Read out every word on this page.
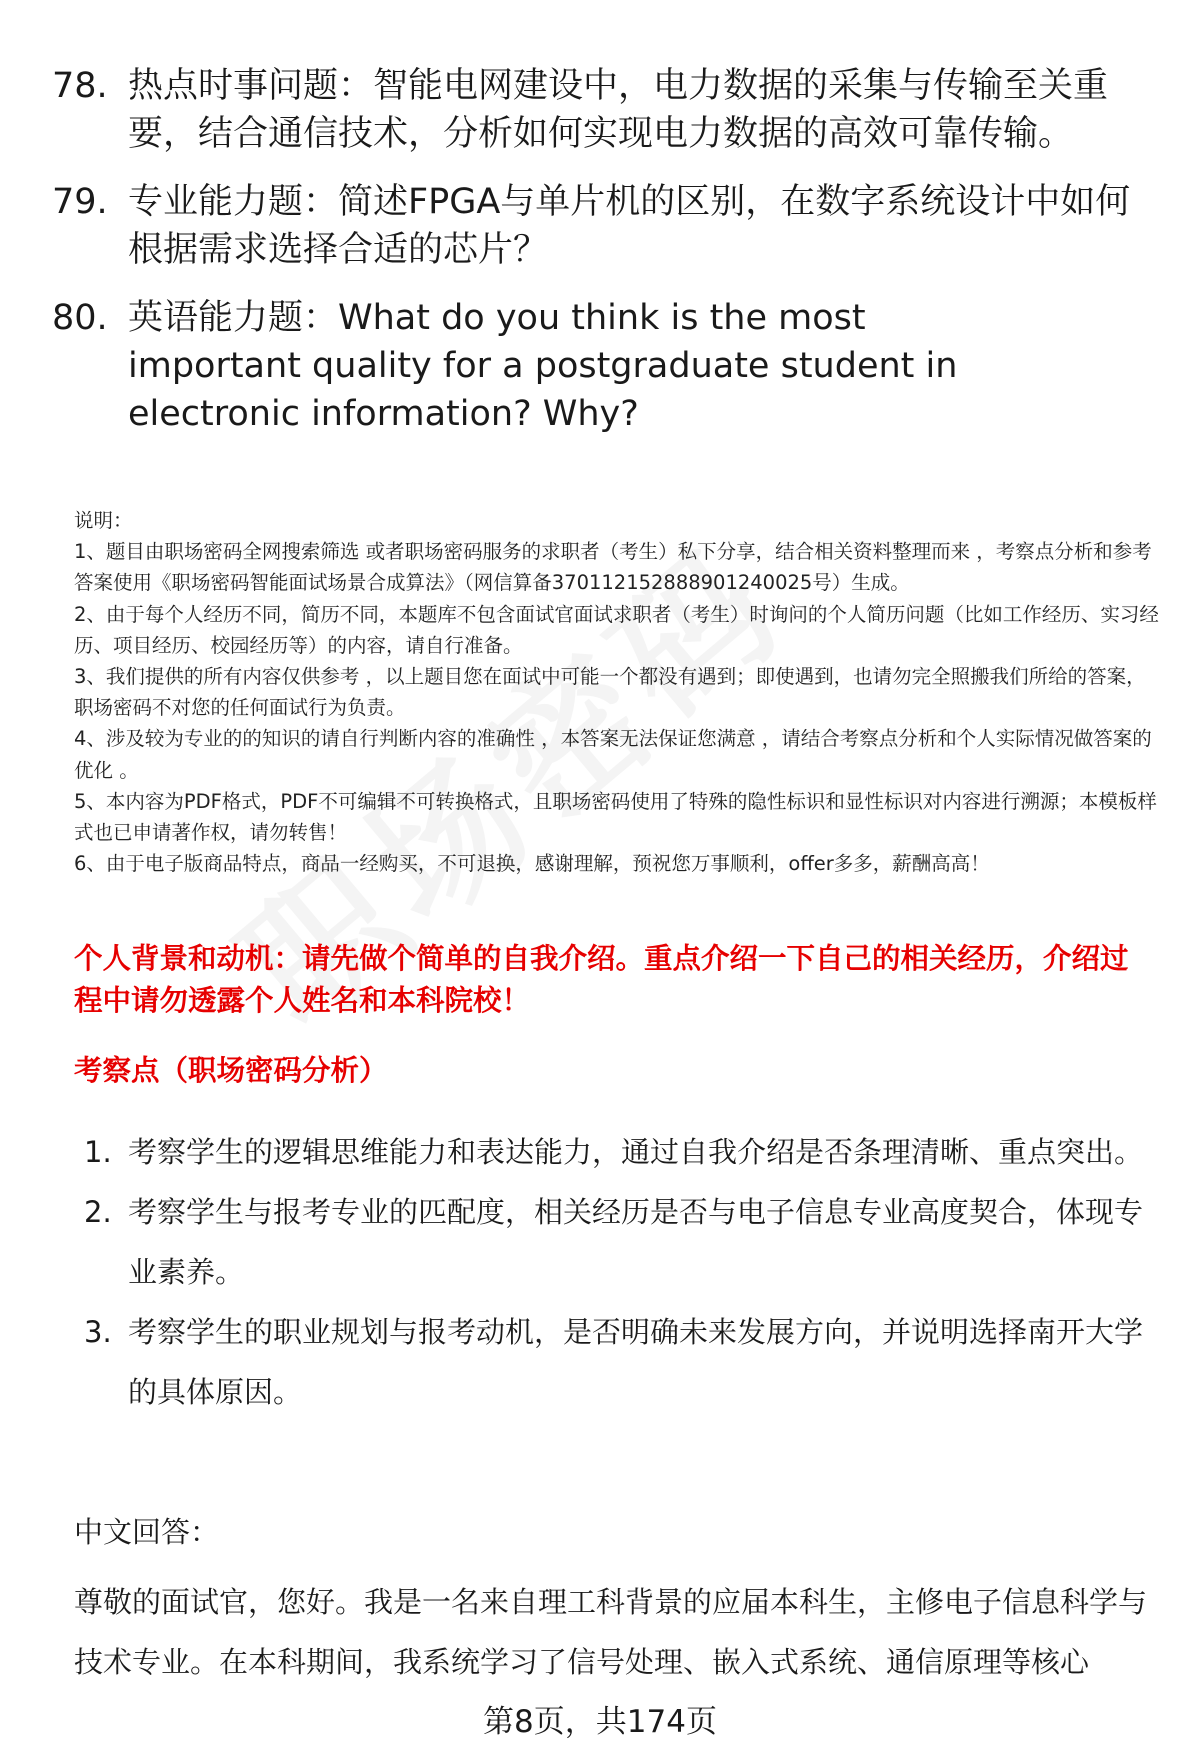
78. 热点时事问题：智能电网建设中，电力数据的采集与传输至关重要，结合通信技术，分析如何实现电力数据的高效可靠传输。
79. 专业能力题：简述FPGA与单片机的区别，在数字系统设计中如何根据需求选择合适的芯片？
80. 英语能力题：What do you think is the most important quality for a postgraduate student in electronic information? Why?

说明：

1、题目由职场密码全网搜索筛选 或者职场密码服务的求职者（考生）私下分享，结合相关资料整理而来 ，考察点分析和参考答案使用《职场密码智能面试场景合成算法》（网信算备370112152888901240025号）生成。

2、由于每个人经历不同，简历不同，本题库不包含面试官面试求职者（考生）时询问的个人简历问题（比如工作经历、实习经历、项目经历、校园经历等）的内容，请自行准备。

3、我们提供的所有内容仅供参考 ，以上题目您在面试中可能一个都没有遇到；即使遇到，也请勿完全照搬我们所给的答案，职场密码不对您的任何面试行为负责。

4、涉及较为专业的的知识的请自行判断内容的准确性 ，本答案无法保证您满意 ，请结合考察点分析和个人实际情况做答案的优化 。

5、本内容为PDF格式，PDF不可编辑不可转换格式，且职场密码使用了特殊的隐性标识和显性标识对内容进行溯源；本模板样式也已申请著作权，请勿转售！

6、由于电子版商品特点，商品一经购买，不可退换，感谢理解，预祝您万事顺利，offer多多，薪酬高高！

个人背景和动机：请先做个简单的自我介绍。重点介绍一下自己的相关经历，介绍过程中请勿透露个人姓名和本科院校！
考察点（职场密码分析）
1. 考察学生的逻辑思维能力和表达能力，通过自我介绍是否条理清晰、重点突出。
2. 考察学生与报考专业的匹配度，相关经历是否与电子信息专业高度契合，体现专业素养。
3. 考察学生的职业规划与报考动机，是否明确未来发展方向，并说明选择南开大学的具体原因。
中文回答：
尊敬的面试官，您好。我是一名来自理工科背景的应届本科生，主修电子信息科学与技术专业。在本科期间，我系统学习了信号处理、嵌入式系统、通信原理等核心
第8页，共174页
